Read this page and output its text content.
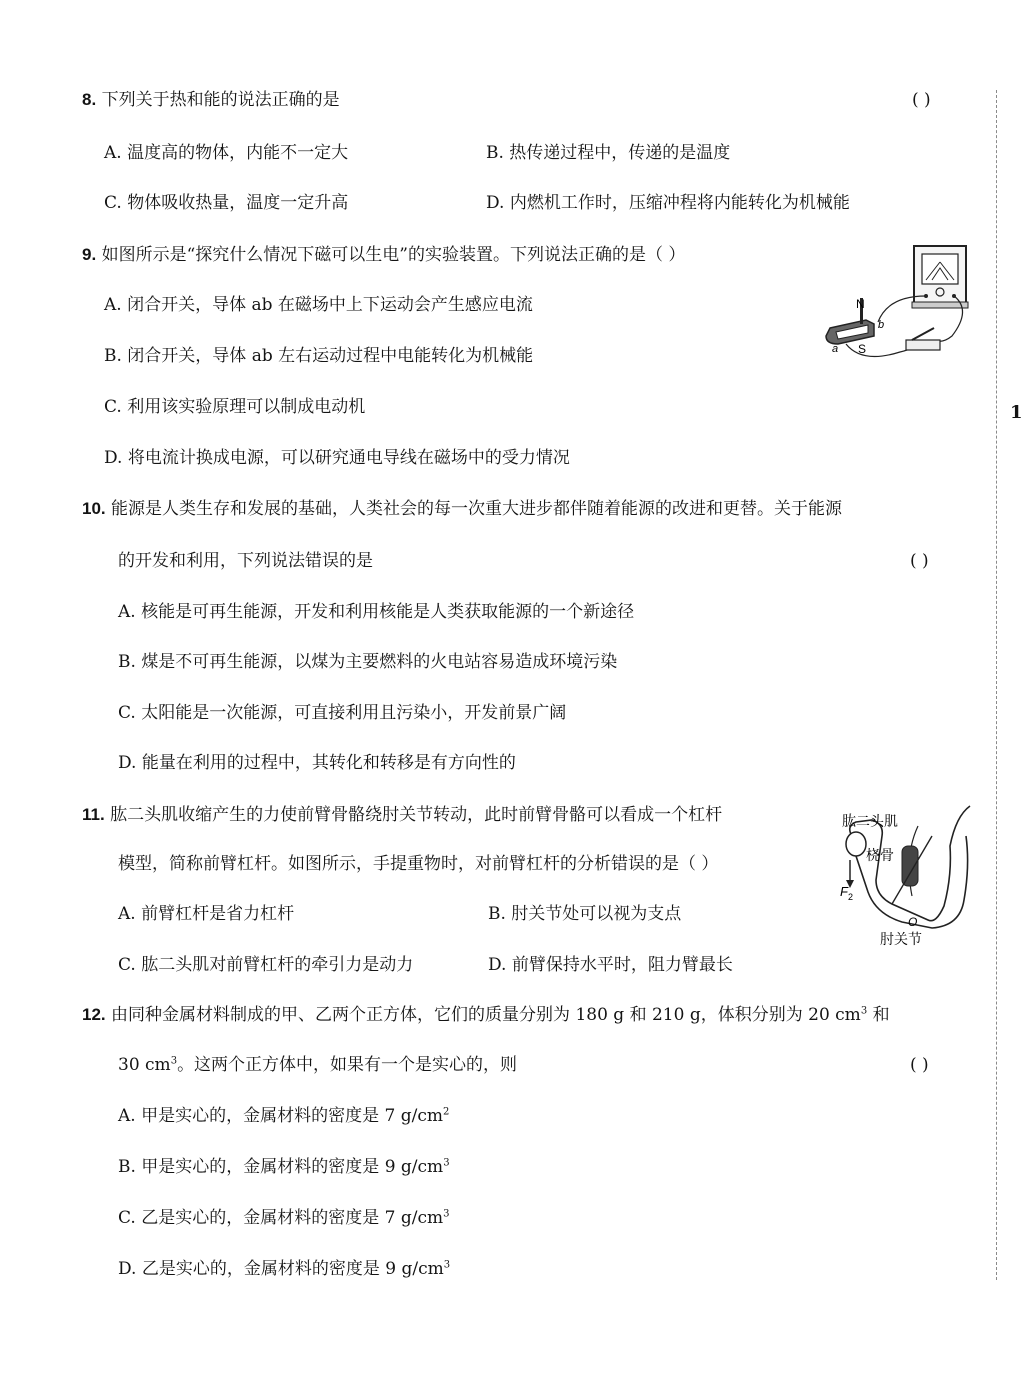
1
8. 下列关于热和能的说法正确的是	( )
A. 温度高的物体，内能不一定大	B. 热传递过程中，传递的是温度
C. 物体吸收热量，温度一定升高	D. 内燃机工作时，压缩冲程将内能转化为机械能
9. 如图所示是“探究什么情况下磁可以生电”的实验装置。下列说法正确的是（ ）
A. 闭合开关，导体 ab 在磁场中上下运动会产生感应电流
B. 闭合开关，导体 ab 左右运动过程中电能转化为机械能
C. 利用该实验原理可以制成电动机
D. 将电流计换成电源，可以研究通电导线在磁场中的受力情况
N
S
a
b
10. 能源是人类生存和发展的基础，人类社会的每一次重大进步都伴随着能源的改进和更替。关于能源
的开发和利用，下列说法错误的是	( )
A. 核能是可再生能源，开发和利用核能是人类获取能源的一个新途径
B. 煤是不可再生能源，以煤为主要燃料的火电站容易造成环境污染
C. 太阳能是一次能源，可直接利用且污染小，开发前景广阔
D. 能量在利用的过程中，其转化和转移是有方向性的
11. 肱二头肌收缩产生的力使前臂骨骼绕肘关节转动，此时前臂骨骼可以看成一个杠杆
模型，简称前臂杠杆。如图所示，手提重物时，对前臂杠杆的分析错误的是（ ）
A. 前臂杠杆是省力杠杆	B. 肘关节处可以视为支点
C. 肱二头肌对前臂杠杆的牵引力是动力	D. 前臂保持水平时，阻力臂最长
肱二头肌
桡骨
F 2
O
肘关节
12. 由同种金属材料制成的甲、乙两个正方体，它们的质量分别为 180 g 和 210 g，体积分别为 20 $cm^3$ 和
30 $cm^3$。这两个正方体中，如果有一个是实心的，则	( )
A. 甲是实心的，金属材料的密度是 7 $g/cm^2$
B. 甲是实心的，金属材料的密度是 9 $g/cm^3$
C. 乙是实心的，金属材料的密度是 7 $g/cm^3$
D. 乙是实心的，金属材料的密度是 9 $g/cm^3$
